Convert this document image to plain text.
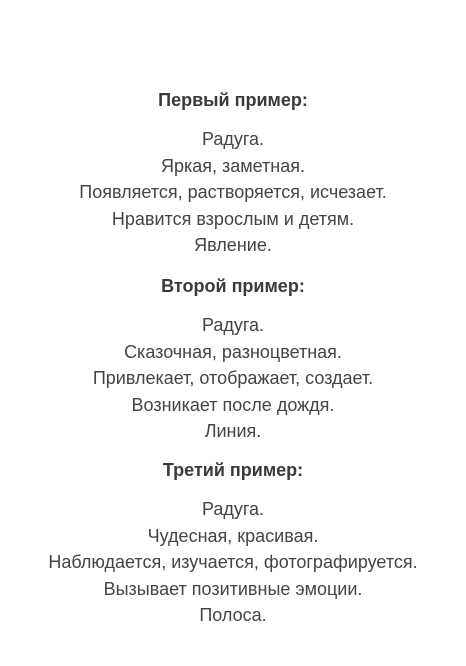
Первый пример:
Радуга.
Яркая, заметная.
Появляется, растворяется, исчезает.
Нравится взрослым и детям.
Явление.
Второй пример:
Радуга.
Сказочная, разноцветная.
Привлекает, отображает, создает.
Возникает после дождя.
Линия.
Третий пример:
Радуга.
Чудесная, красивая.
Наблюдается, изучается, фотографируется.
Вызывает позитивные эмоции.
Полоса.
